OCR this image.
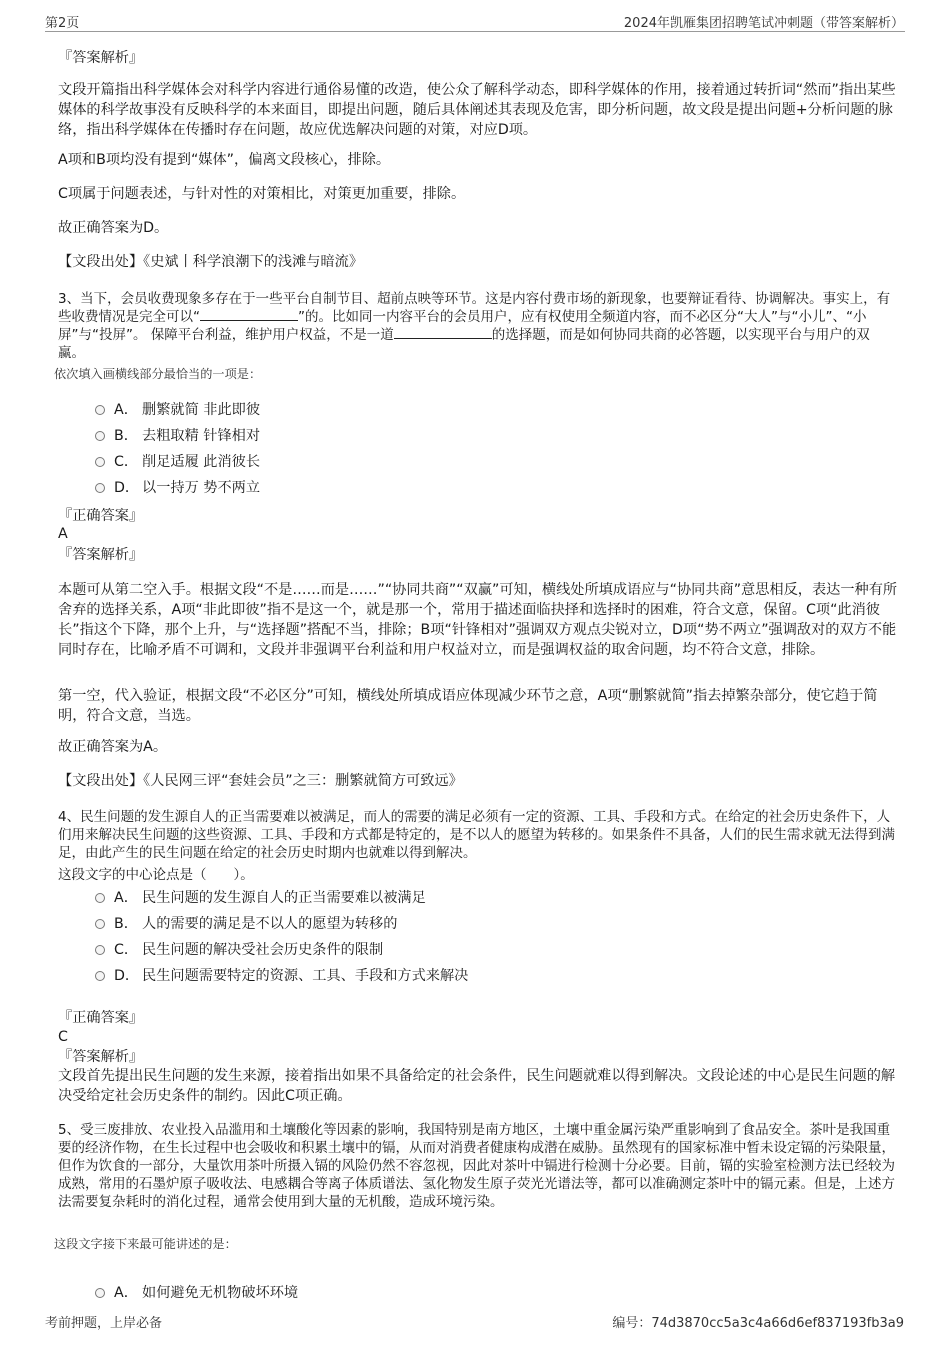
第2页	2024年凯雁集团招聘笔试冲刺题（带答案解析）
『答案解析』
文段开篇指出科学媒体会对科学内容进行通俗易懂的改造，使公众了解科学动态，即科学媒体的作用，接着通过转折词“然而”指出某些媒体的科学故事没有反映科学的本来面目，即提出问题，随后具体阐述其表现及危害，即分析问题，故文段是提出问题+分析问题的脉络，指出科学媒体在传播时存在问题，故应优选解决问题的对策，对应D项。
A项和B项均没有提到“媒体”，偏离文段核心，排除。
C项属于问题表述，与针对性的对策相比，对策更加重要，排除。
故正确答案为D。
【文段出处】《史斌丨科学浪潮下的浅滩与暗流》
3、当下，会员收费现象多存在于一些平台自制节目、超前点映等环节。这是内容付费市场的新现象，也要辩证看待、协调解决。事实上，有些收费情况是完全可以“	”的。比如同一内容平台的会员用户，应有权使用全频道内容，而不必区分“大人”与“小儿”、“小屏”与“投屏”。 保障平台利益，维护用户权益，不是一道	的选择题，而是如何协同共商的必答题，以实现平台与用户的双赢。
依次填入画横线部分最恰当的一项是：
A． 删繁就简 非此即彼
B． 去粗取精 针锋相对
C． 削足适履 此消彼长
D． 以一持万 势不两立
『正确答案』
A
『答案解析』
本题可从第二空入手。根据文段“不是……而是……”“协同共商”“双赢”可知，横线处所填成语应与“协同共商”意思相反，表达一种有所舍弃的选择关系，A项“非此即彼”指不是这一个，就是那一个，常用于描述面临抉择和选择时的困难，符合文意，保留。C项“此消彼长”指这个下降，那个上升，与“选择题”搭配不当，排除；B项“针锋相对”强调双方观点尖锐对立，D项“势不两立”强调敌对的双方不能同时存在，比喻矛盾不可调和，文段并非强调平台利益和用户权益对立，而是强调权益的取舍问题，均不符合文意，排除。
第一空，代入验证，根据文段“不必区分”可知，横线处所填成语应体现减少环节之意，A项“删繁就简”指去掉繁杂部分，使它趋于简明，符合文意，当选。
故正确答案为A。
【文段出处】《人民网三评“套娃会员”之三：删繁就简方可致远》
4、民生问题的发生源自人的正当需要难以被满足，而人的需要的满足必须有一定的资源、工具、手段和方式。在给定的社会历史条件下，人们用来解决民生问题的这些资源、工具、手段和方式都是特定的，是不以人的愿望为转移的。如果条件不具备，人们的民生需求就无法得到满足，由此产生的民生问题在给定的社会历史时期内也就难以得到解决。
这段文字的中心论点是（　　）。
A． 民生问题的发生源自人的正当需要难以被满足
B． 人的需要的满足是不以人的愿望为转移的
C． 民生问题的解决受社会历史条件的限制
D． 民生问题需要特定的资源、工具、手段和方式来解决
『正确答案』
C
『答案解析』
文段首先提出民生问题的发生来源，接着指出如果不具备给定的社会条件，民生问题就难以得到解决。文段论述的中心是民生问题的解决受给定社会历史条件的制约。因此C项正确。
5、受三废排放、农业投入品滥用和土壤酸化等因素的影响，我国特别是南方地区，土壤中重金属污染严重影响到了食品安全。茶叶是我国重要的经济作物，在生长过程中也会吸收和积累土壤中的镉，从而对消费者健康构成潜在威胁。虽然现有的国家标准中暂未设定镉的污染限量，但作为饮食的一部分，大量饮用茶叶所摄入镉的风险仍然不容忽视，因此对茶叶中镉进行检测十分必要。目前，镉的实验室检测方法已经较为成熟，常用的石墨炉原子吸收法、电感耦合等离子体质谱法、氢化物发生原子荧光光谱法等，都可以准确测定茶叶中的镉元素。但是，上述方法需要复杂耗时的消化过程，通常会使用到大量的无机酸，造成环境污染。
这段文字接下来最可能讲述的是：
A． 如何避免无机物破坏环境
考前押题，上岸必备	编号：74d3870cc5a3c4a66d6ef837193fb3a9
